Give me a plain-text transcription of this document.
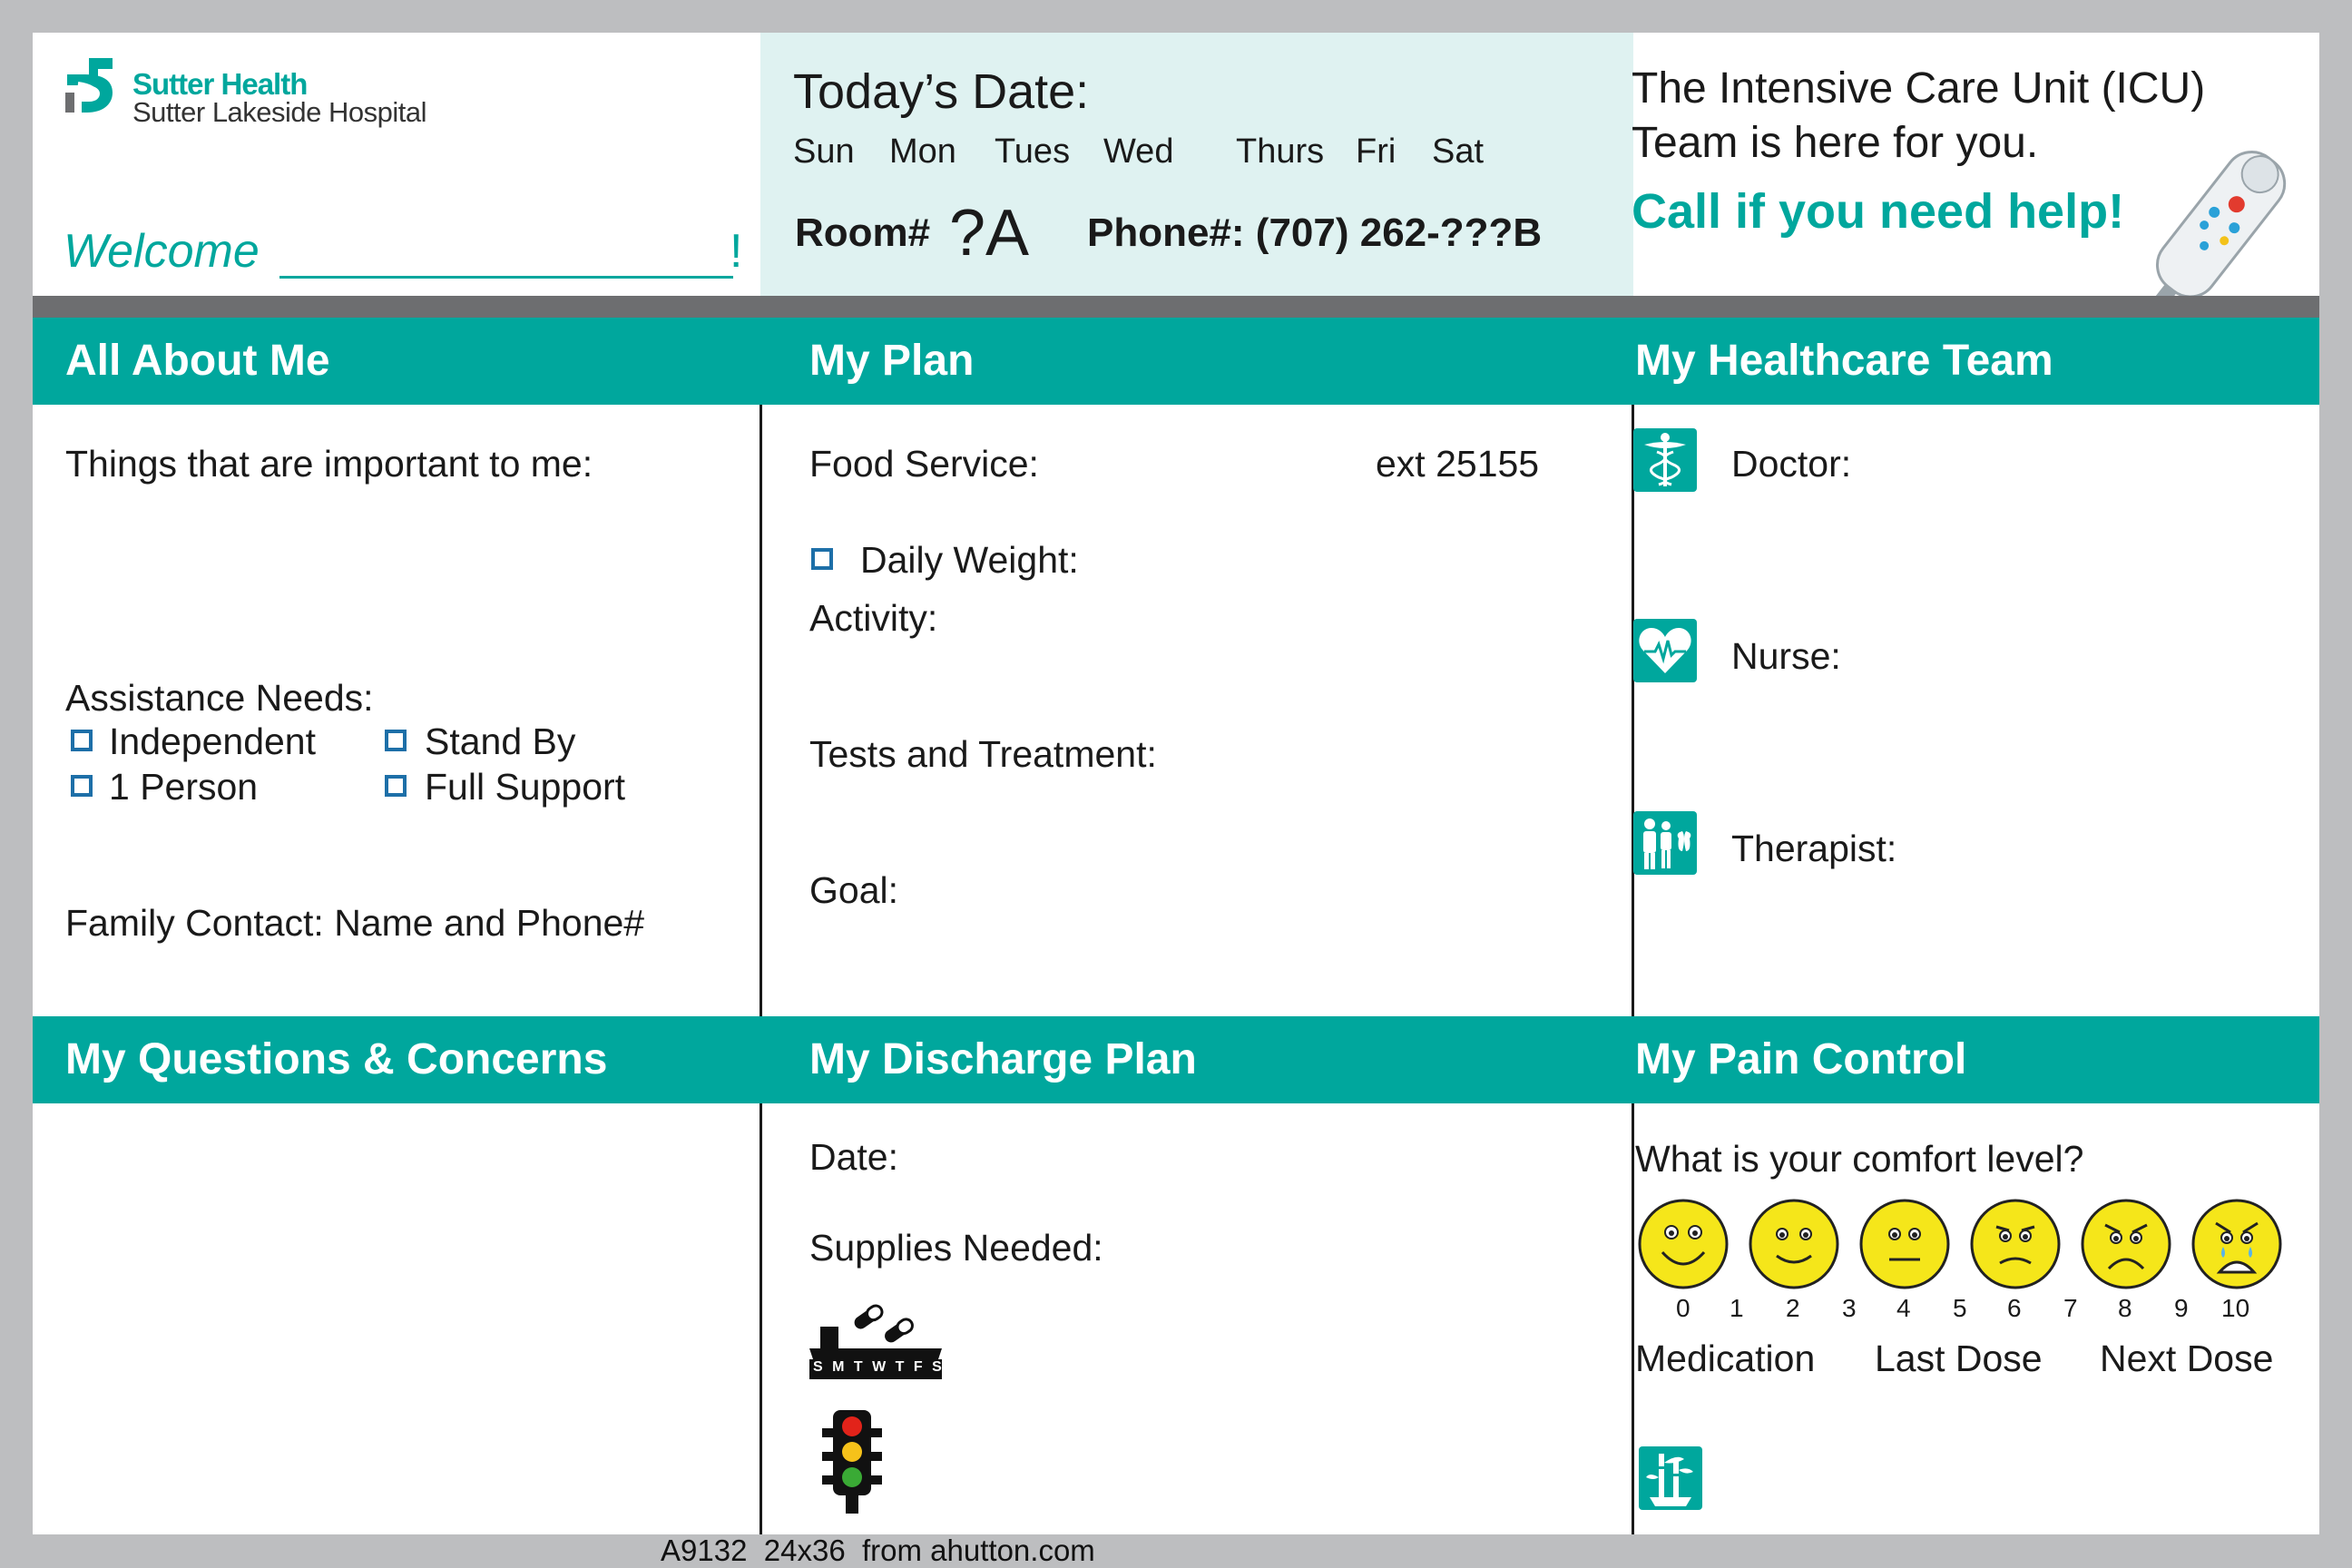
Sutter Health
Sutter Lakeside Hospital
Welcome	!
Today’s Date:
Sun Mon Tues Wed Thurs Fri Sat
Room# ?A Phone#: (707) 262-???B
The Intensive Care Unit (ICU)
Team is here for you.
Call if you need help!
All About Me	My Plan	My Healthcare Team
Things that are important to me:
Assistance Needs:
Independent	Stand By
1 Person	Full Support
Family Contact: Name and Phone#
Food Service:	ext 25155
Daily Weight:
Activity:
Tests and Treatment:
Goal:
Doctor:
Nurse:
Therapist:
My Questions & Concerns	My Discharge Plan	My Pain Control
Date:
Supplies Needed:
S M T W T F S
What is your comfort level?
0 1 2 3 4 5 6 7 8 9 10
Medication Last Dose Next Dose
A9132  24x36  from ahutton.com
